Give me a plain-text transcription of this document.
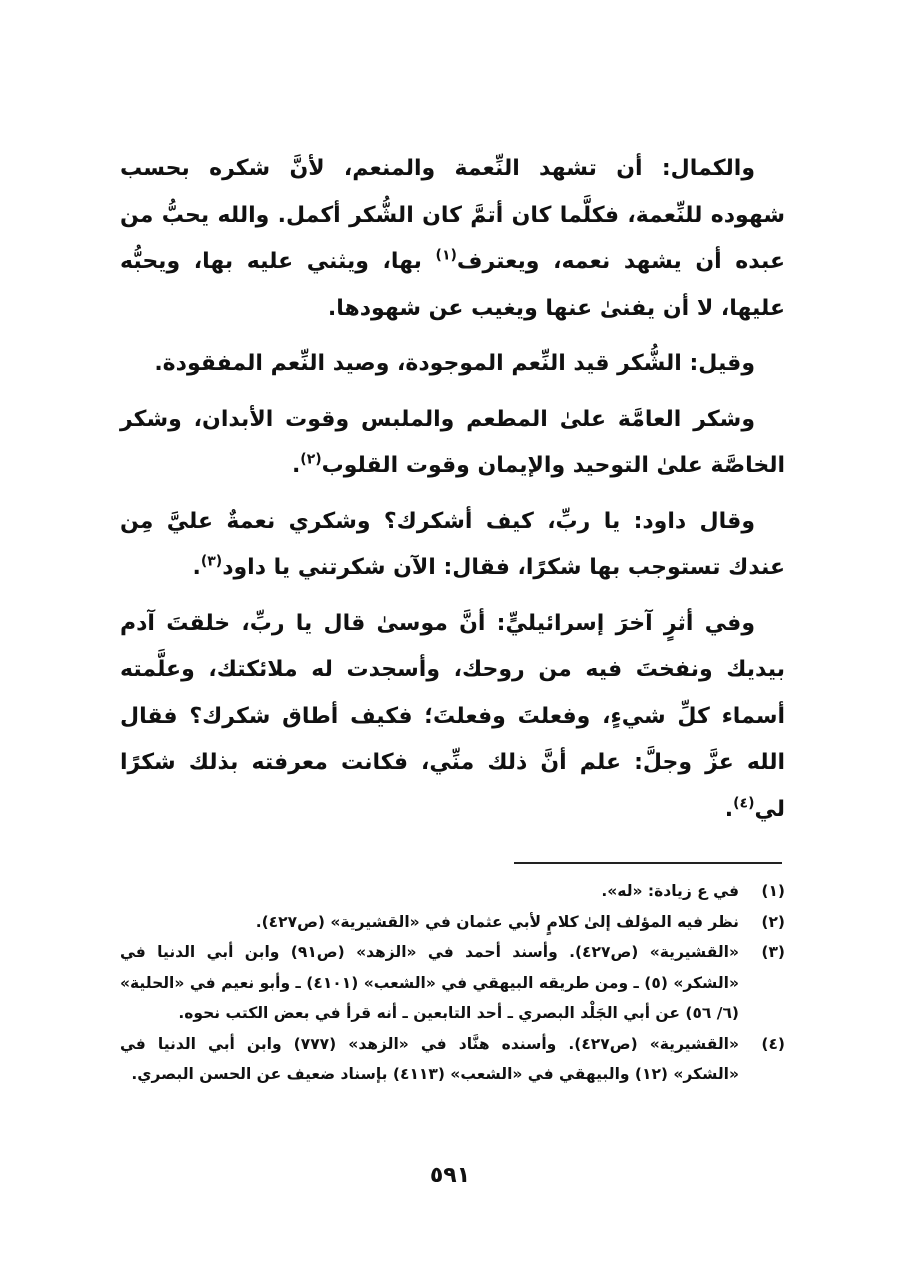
والكمال: أن تشهد النِّعمة والمنعم، لأنَّ شكره بحسب شهوده للنِّعمة، فكلَّما كان أتمَّ كان الشُّكر أكمل. والله يحبُّ من عبده أن يشهد نعمه، ويعترف$^{(١)}$ بها، ويثني عليه بها، ويحبُّه عليها، لا أن يفنىٰ عنها ويغيب عن شهودها.

وقيل: الشُّكر قيد النِّعم الموجودة، وصيد النِّعم المفقودة.

وشكر العامَّة علىٰ المطعم والملبس وقوت الأبدان، وشكر الخاصَّة علىٰ التوحيد والإيمان وقوت القلوب$^{(٢)}$.

وقال داود: يا ربِّ، كيف أشكرك؟ وشكري نعمةٌ عليَّ مِن عندك تستوجب بها شكرًا، فقال: الآن شكرتني يا داود$^{(٣)}$.

وفي أثرٍ آخرَ إسرائيليٍّ: أنَّ موسىٰ قال يا ربِّ، خلقتَ آدم بيديك ونفختَ فيه من روحك، وأسجدت له ملائكتك، وعلَّمته أسماء كلِّ شيءٍ، وفعلتَ وفعلتَ؛ فكيف أطاق شكرك؟ فقال الله عزَّ وجلَّ: علم أنَّ ذلك منِّي، فكانت معرفته بذلك شكرًا لي$^{(٤)}$.

(١)
في ع زيادة: «له».
(٢)
نظر فيه المؤلف إلىٰ كلامٍ لأبي عثمان في «القشيرية» (ص٤٢٧).
(٣)
«القشيرية» (ص٤٢٧). وأسند أحمد في «الزهد» (ص٩١) وابن أبي الدنيا في «الشكر» (٥) ـ ومن طريقه البيهقي في «الشعب» (٤١٠١) ـ وأبو نعيم في «الحلية» (٦/ ٥٦) عن أبي الجَلْد البصري ـ أحد التابعين ـ أنه قرأ في بعض الكتب نحوه.
(٤)
«القشيرية» (ص٤٢٧). وأسنده هنَّاد في «الزهد» (٧٧٧) وابن أبي الدنيا في «الشكر» (١٢) والبيهقي في «الشعب» (٤١١٣) بإسناد ضعيف عن الحسن البصري.
٥٩١
